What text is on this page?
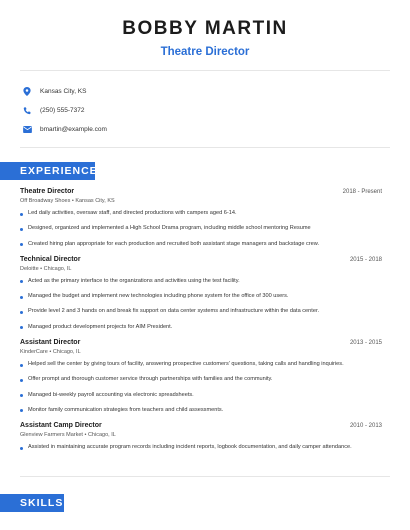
BOBBY MARTIN
Theatre Director
Kansas City, KS
(250) 555-7372
bmartin@example.com
EXPERIENCE
Theatre Director	2018 - Present
Off Broadway Shoes • Kansas City, KS
Led daily activities, oversaw staff, and directed productions with campers aged 6-14.
Designed, organized and implemented a High School Drama program, including middle school mentoring Resume
Created hiring plan appropriate for each production and recruited both assistant stage managers and backstage crew.
Technical Director	2015 - 2018
Deloitte • Chicago, IL
Acted as the primary interface to the organizations and activities using the test facility.
Managed the budget and implement new technologies including phone system for the office of 300 users.
Provide level 2 and 3 hands on and break fix support on data center systems and infrastructure within the data center.
Managed product development projects for AIM President.
Assistant Director	2013 - 2015
KinderCare • Chicago, IL
Helped sell the center by giving tours of facility, answering prospective customers' questions, taking calls and handling inquiries.
Offer prompt and thorough customer service through partnerships with families and the community.
Managed bi-weekly payroll accounting via electronic spreadsheets.
Monitor family communication strategies from teachers and child assessments.
Assistant Camp Director	2010 - 2013
Glenview Farmers Market • Chicago, IL
Assisted in maintaining accurate program records including incident reports, logbook documentation, and daily camper attendance.
SKILLS
